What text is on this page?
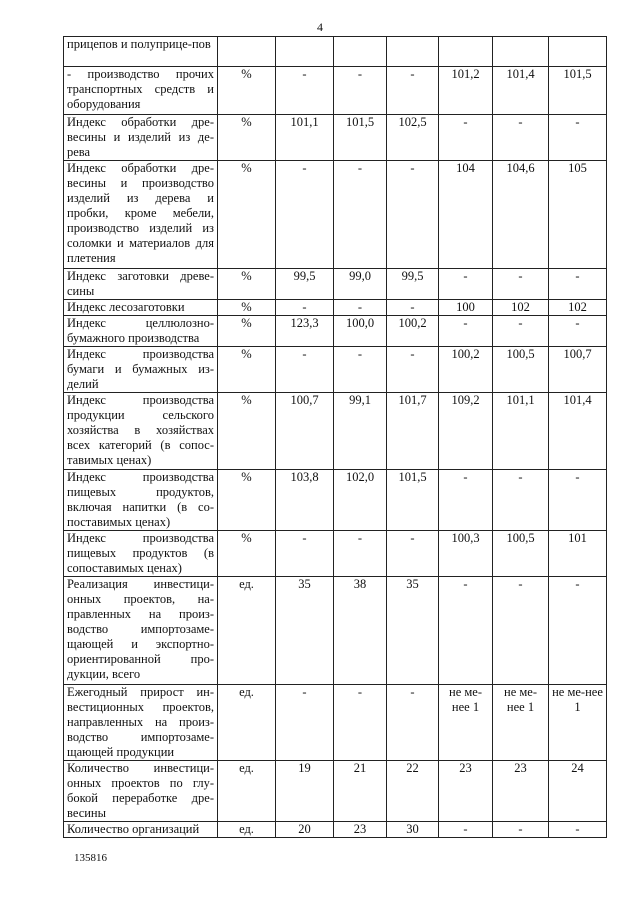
4
прицепов и полуприце-пов							
- производство прочих транспортных средств и оборудования	%	-	-	-	101,2	101,4	101,5
Индекс обработки дре-весины и изделий из де-рева	%	101,1	101,5	102,5	-	-	-
Индекс обработки дре-весины и производство изделий из дерева и пробки, кроме мебели, производство изделий из соломки и материалов для плетения	%	-	-	-	104	104,6	105
Индекс заготовки древе-сины	%	99,5	99,0	99,5	-	-	-
Индекс лесозаготовки	%	-	-	-	100	102	102
Индекс целлюлозно-бумажного производства	%	123,3	100,0	100,2	-	-	-
Индекс производства бумаги и бумажных из-делий	%	-	-	-	100,2	100,5	100,7
Индекс производства продукции сельского хозяйства в хозяйствах всех категорий (в сопос-тавимых ценах)	%	100,7	99,1	101,7	109,2	101,1	101,4
Индекс производства пищевых продуктов, включая напитки (в со-поставимых ценах)	%	103,8	102,0	101,5	-	-	-
Индекс производства пищевых продуктов (в сопоставимых ценах)	%	-	-	-	100,3	100,5	101
Реализация инвестици-онных проектов, на-правленных на произ-водство импортозаме-щающей и экспортно-ориентированной про-дукции, всего	ед.	35	38	35	-	-	-
Ежегодный прирост ин-вестиционных проектов, направленных на произ-водство импортозаме-щающей продукции	ед.	-	-	-	не ме-нее 1	не ме-нее 1	не ме-нее 1
Количество инвестици-онных проектов по глу-бокой переработке дре-весины	ед.	19	21	22	23	23	24
Количество организаций	ед.	20	23	30	-	-	-
135816
